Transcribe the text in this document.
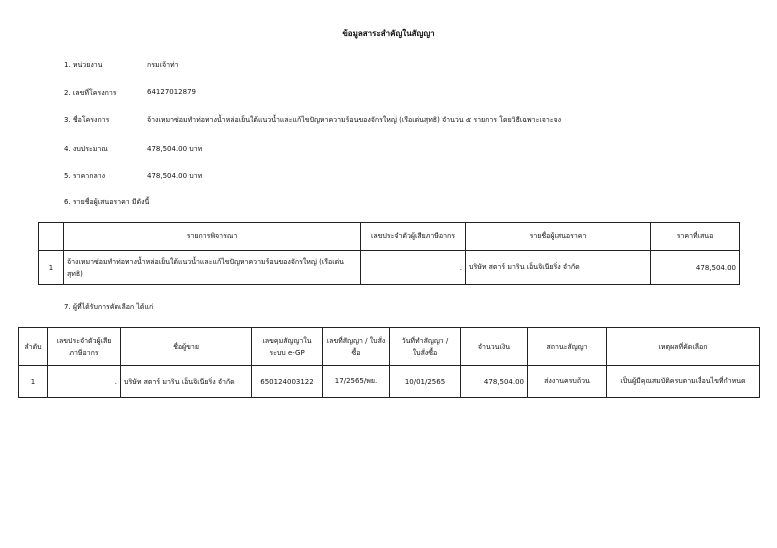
ข้อมูลสาระสำคัญในสัญญา
1. หน่วยงาน	กรมเจ้าท่า
2. เลขที่โครงการ	64127012879
3. ชื่อโครงการ	จ้างเหมาซ่อมทำท่อทางน้ำหล่อเย็นใต้แนวน้ำและแก้ไขปัญหาความร้อนของจักรใหญ่ (เรือเด่นสุทธิ) จำนวน ๕ รายการ โดยวิธีเฉพาะเจาะจง
4. งบประมาณ	478,504.00 บาท
5. ราคากลาง	478,504.00 บาท
6. รายชื่อผู้เสนอราคา มีดังนี้
	รายการพิจารณา	เลขประจำตัวผู้เสียภาษีอากร	รายชื่อผู้เสนอราคา	ราคาที่เสนอ
1	จ้างเหมาซ่อมทำท่อทางน้ำหล่อเย็นใต้แนวน้ำและแก้ไขปัญหาความร้อนของจักรใหญ่ (เรือเด่นสุทธิ)	.	บริษัท สตาร์ มาริน เอ็นจิเนียริ่ง จำกัด	478,504.00
7. ผู้ที่ได้รับการคัดเลือก ได้แก่
ลำดับ	เลขประจำตัวผู้เสียภาษีอากร	ชื่อผู้ขาย	เลขคุมสัญญาในระบบ e-GP	เลขที่สัญญา / ใบสั่งซื้อ	วันที่ทำสัญญา / ใบสั่งซื้อ	จำนวนเงิน	สถานะสัญญา	เหตุผลที่คัดเลือก
1	.	บริษัท สตาร์ มาริน เอ็นจิเนียริ่ง จำกัด	650124003122	17/2565/พย.	10/01/2565	478,504.00	ส่งงานครบถ้วน	เป็นผู้มีคุณสมบัติครบตามเงื่อนไขที่กำหนด
